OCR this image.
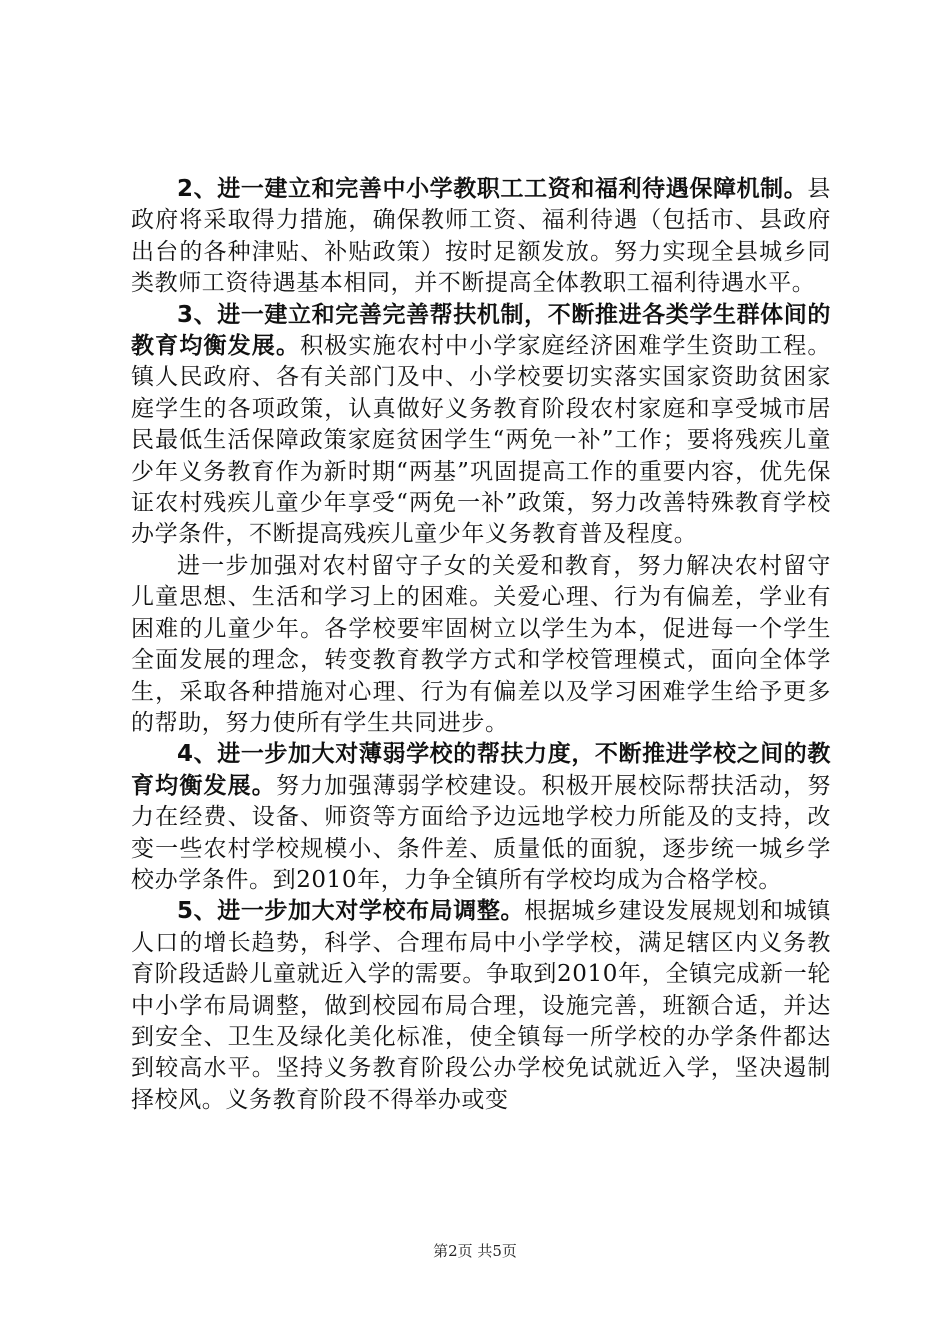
2、进一建立和完善中小学教职工工资和福利待遇保障机制。县政府将采取得力措施，确保教师工资、福利待遇（包括市、县政府出台的各种津贴、补贴政策）按时足额发放。努力实现全县城乡同类教师工资待遇基本相同，并不断提高全体教职工福利待遇水平。

3、进一建立和完善完善帮扶机制，不断推进各类学生群体间的教育均衡发展。积极实施农村中小学家庭经济困难学生资助工程。镇人民政府、各有关部门及中、小学校要切实落实国家资助贫困家庭学生的各项政策，认真做好义务教育阶段农村家庭和享受城市居民最低生活保障政策家庭贫困学生“两免一补”工作；要将残疾儿童少年义务教育作为新时期“两基”巩固提高工作的重要内容，优先保证农村残疾儿童少年享受“两免一补”政策，努力改善特殊教育学校办学条件，不断提高残疾儿童少年义务教育普及程度。

进一步加强对农村留守子女的关爱和教育，努力解决农村留守儿童思想、生活和学习上的困难。关爱心理、行为有偏差，学业有困难的儿童少年。各学校要牢固树立以学生为本，促进每一个学生全面发展的理念，转变教育教学方式和学校管理模式，面向全体学生，采取各种措施对心理、行为有偏差以及学习困难学生给予更多的帮助，努力使所有学生共同进步。

4、进一步加大对薄弱学校的帮扶力度，不断推进学校之间的教育均衡发展。努力加强薄弱学校建设。积极开展校际帮扶活动，努力在经费、设备、师资等方面给予边远地学校力所能及的支持，改变一些农村学校规模小、条件差、质量低的面貌，逐步统一城乡学校办学条件。到2010年，力争全镇所有学校均成为合格学校。

5、进一步加大对学校布局调整。根据城乡建设发展规划和城镇人口的增长趋势，科学、合理布局中小学学校，满足辖区内义务教育阶段适龄儿童就近入学的需要。争取到2010年，全镇完成新一轮中小学布局调整，做到校园布局合理，设施完善，班额合适，并达到安全、卫生及绿化美化标准，使全镇每一所学校的办学条件都达到较高水平。坚持义务教育阶段公办学校免试就近入学，坚决遏制择校风。义务教育阶段不得举办或变

第2页 共5页
